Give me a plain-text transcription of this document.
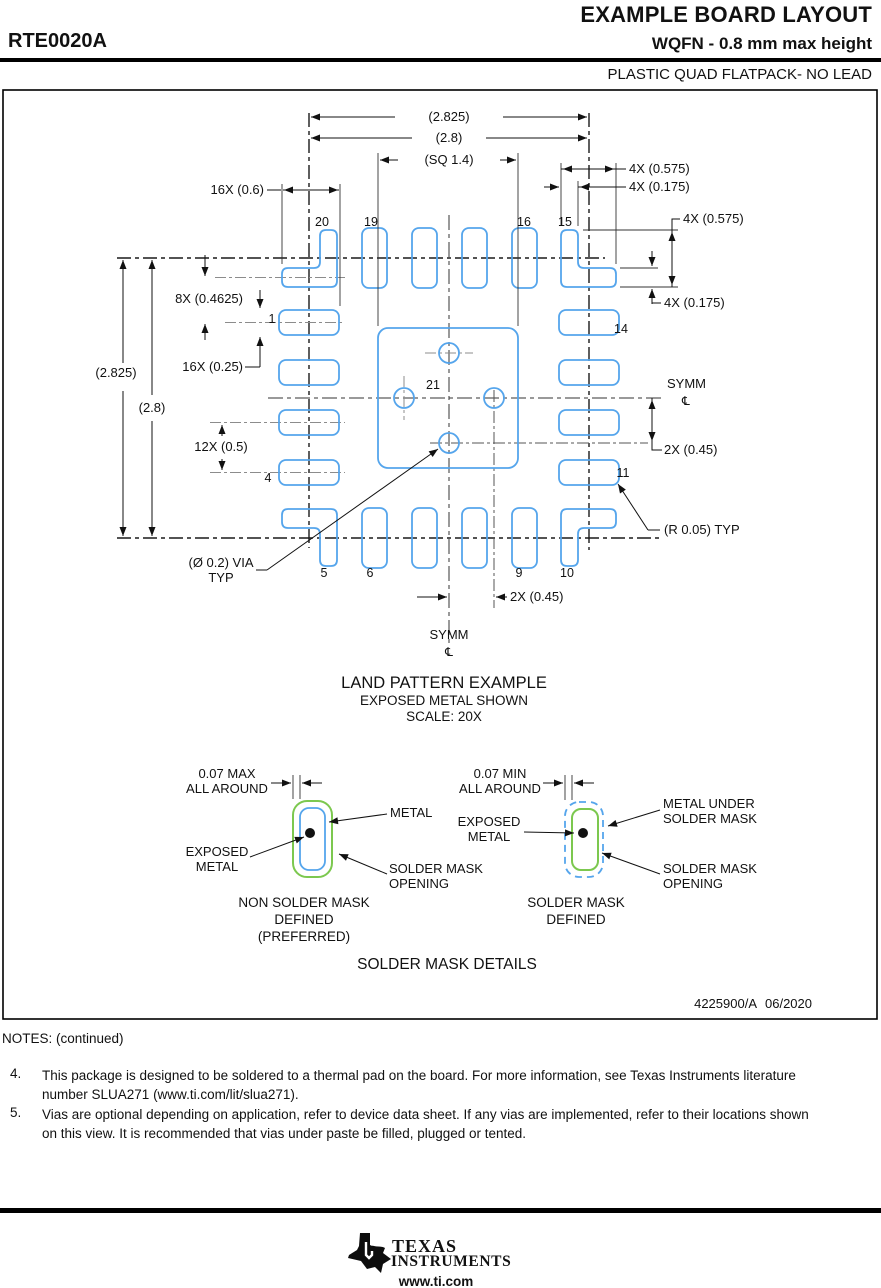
EXAMPLE BOARD LAYOUT
RTE0020A	WQFN - 0.8 mm max height
PLASTIC QUAD FLATPACK- NO LEAD
(2.825)
(2.8)
(SQ 1.4)
4X (0.575)
4X (0.175)
4X (0.575)
4X (0.175)
16X (0.6)
8X (0.4625)
16X (0.25)
12X (0.5)
(2.825)
(2.8)
(Ø 0.2) VIA
TYP
2X (0.45)
2X (0.45)
(R 0.05) TYP
SYMM
℄
SYMM
℄
20	19	16 15
1
4
5	6	9	10
11
14
21
LAND PATTERN EXAMPLE
EXPOSED METAL SHOWN
SCALE: 20X
0.07 MAX
ALL AROUND
METAL
EXPOSED
METAL	SOLDER MASK
OPENING
NON SOLDER MASK
DEFINED
(PREFERRED)
0.07 MIN
ALL AROUND
EXPOSED
METAL
METAL UNDER
SOLDER MASK
SOLDER MASK
OPENING
SOLDER MASK
DEFINED
SOLDER MASK DETAILS
4225900/A 06/2020
NOTES: (continued)
4.	This package is designed to be soldered to a thermal pad on the board. For more information, see Texas Instruments literature
number SLUA271 (www.ti.com/lit/slua271).
5.	Vias are optional depending on application, refer to device data sheet. If any vias are implemented, refer to their locations shown
on this view. It is recommended that vias under paste be filled, plugged or tented.
TEXAS
INSTRUMENTS
www.ti.com
